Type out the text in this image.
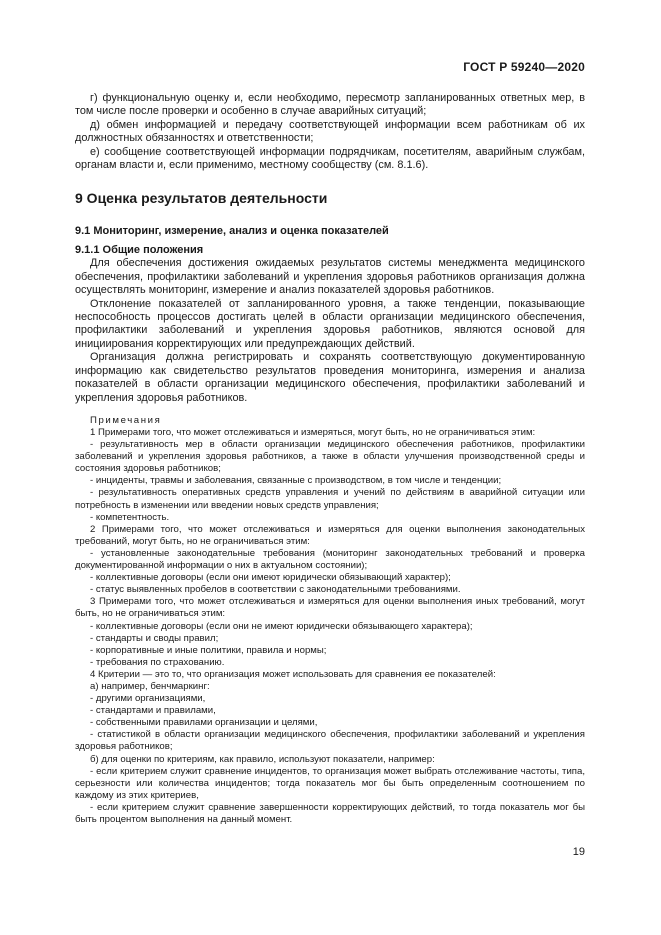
ГОСТ Р 59240—2020

г) функциональную оценку и, если необходимо, пересмотр запланированных ответных мер, в том числе после проверки и особенно в случае аварийных ситуаций;

д) обмен информацией и передачу соответствующей информации всем работникам об их должностных обязанностях и ответственности;

е) сообщение соответствующей информации подрядчикам, посетителям, аварийным службам, органам власти и, если применимо, местному сообществу (см. 8.1.6).

9 Оценка результатов деятельности
9.1 Мониторинг, измерение, анализ и оценка показателей
9.1.1 Общие положения

Для обеспечения достижения ожидаемых результатов системы менеджмента медицинского обеспечения, профилактики заболеваний и укрепления здоровья работников организация должна осуществлять мониторинг, измерение и анализ показателей здоровья работников.

Отклонение показателей от запланированного уровня, а также тенденции, показывающие неспособность процессов достигать целей в области организации медицинского обеспечения, профилактики заболеваний и укрепления здоровья работников, являются основой для инициирования корректирующих или предупреждающих действий.

Организация должна регистрировать и сохранять соответствующую документированную информацию как свидетельство результатов проведения мониторинга, измерения и анализа показателей в области организации медицинского обеспечения, профилактики заболеваний и укрепления здоровья работников.

Примечания

1 Примерами того, что может отслеживаться и измеряться, могут быть, но не ограничиваться этим:

- результативность мер в области организации медицинского обеспечения работников, профилактики заболеваний и укрепления здоровья работников, а также в области улучшения производственной среды и состояния здоровья работников;

- инциденты, травмы и заболевания, связанные с производством, в том числе и тенденции;

- результативность оперативных средств управления и учений по действиям в аварийной ситуации или потребность в изменении или введении новых средств управления;

- компетентность.

2 Примерами того, что может отслеживаться и измеряться для оценки выполнения законодательных требований, могут быть, но не ограничиваться этим:

- установленные законодательные требования (мониторинг законодательных требований и проверка документированной информации о них в актуальном состоянии);

- коллективные договоры (если они имеют юридически обязывающий характер);

- статус выявленных пробелов в соответствии с законодательными требованиями.

3 Примерами того, что может отслеживаться и измеряться для оценки выполнения иных требований, могут быть, но не ограничиваться этим:

- коллективные договоры (если они не имеют юридически обязывающего характера);

- стандарты и своды правил;

- корпоративные и иные политики, правила и нормы;

- требования по страхованию.

4 Критерии — это то, что организация может использовать для сравнения ее показателей:

а) например, бенчмаркинг:

- другими организациями,

- стандартами и правилами,

- собственными правилами организации и целями,

- статистикой в области организации медицинского обеспечения, профилактики заболеваний и укрепления здоровья работников;

б) для оценки по критериям, как правило, используют показатели, например:

- если критерием служит сравнение инцидентов, то организация может выбрать отслеживание частоты, типа, серьезности или количества инцидентов; тогда показатель мог бы быть определенным соотношением по каждому из этих критериев,

- если критерием служит сравнение завершенности корректирующих действий, то тогда показатель мог бы быть процентом выполнения на данный момент.

19
